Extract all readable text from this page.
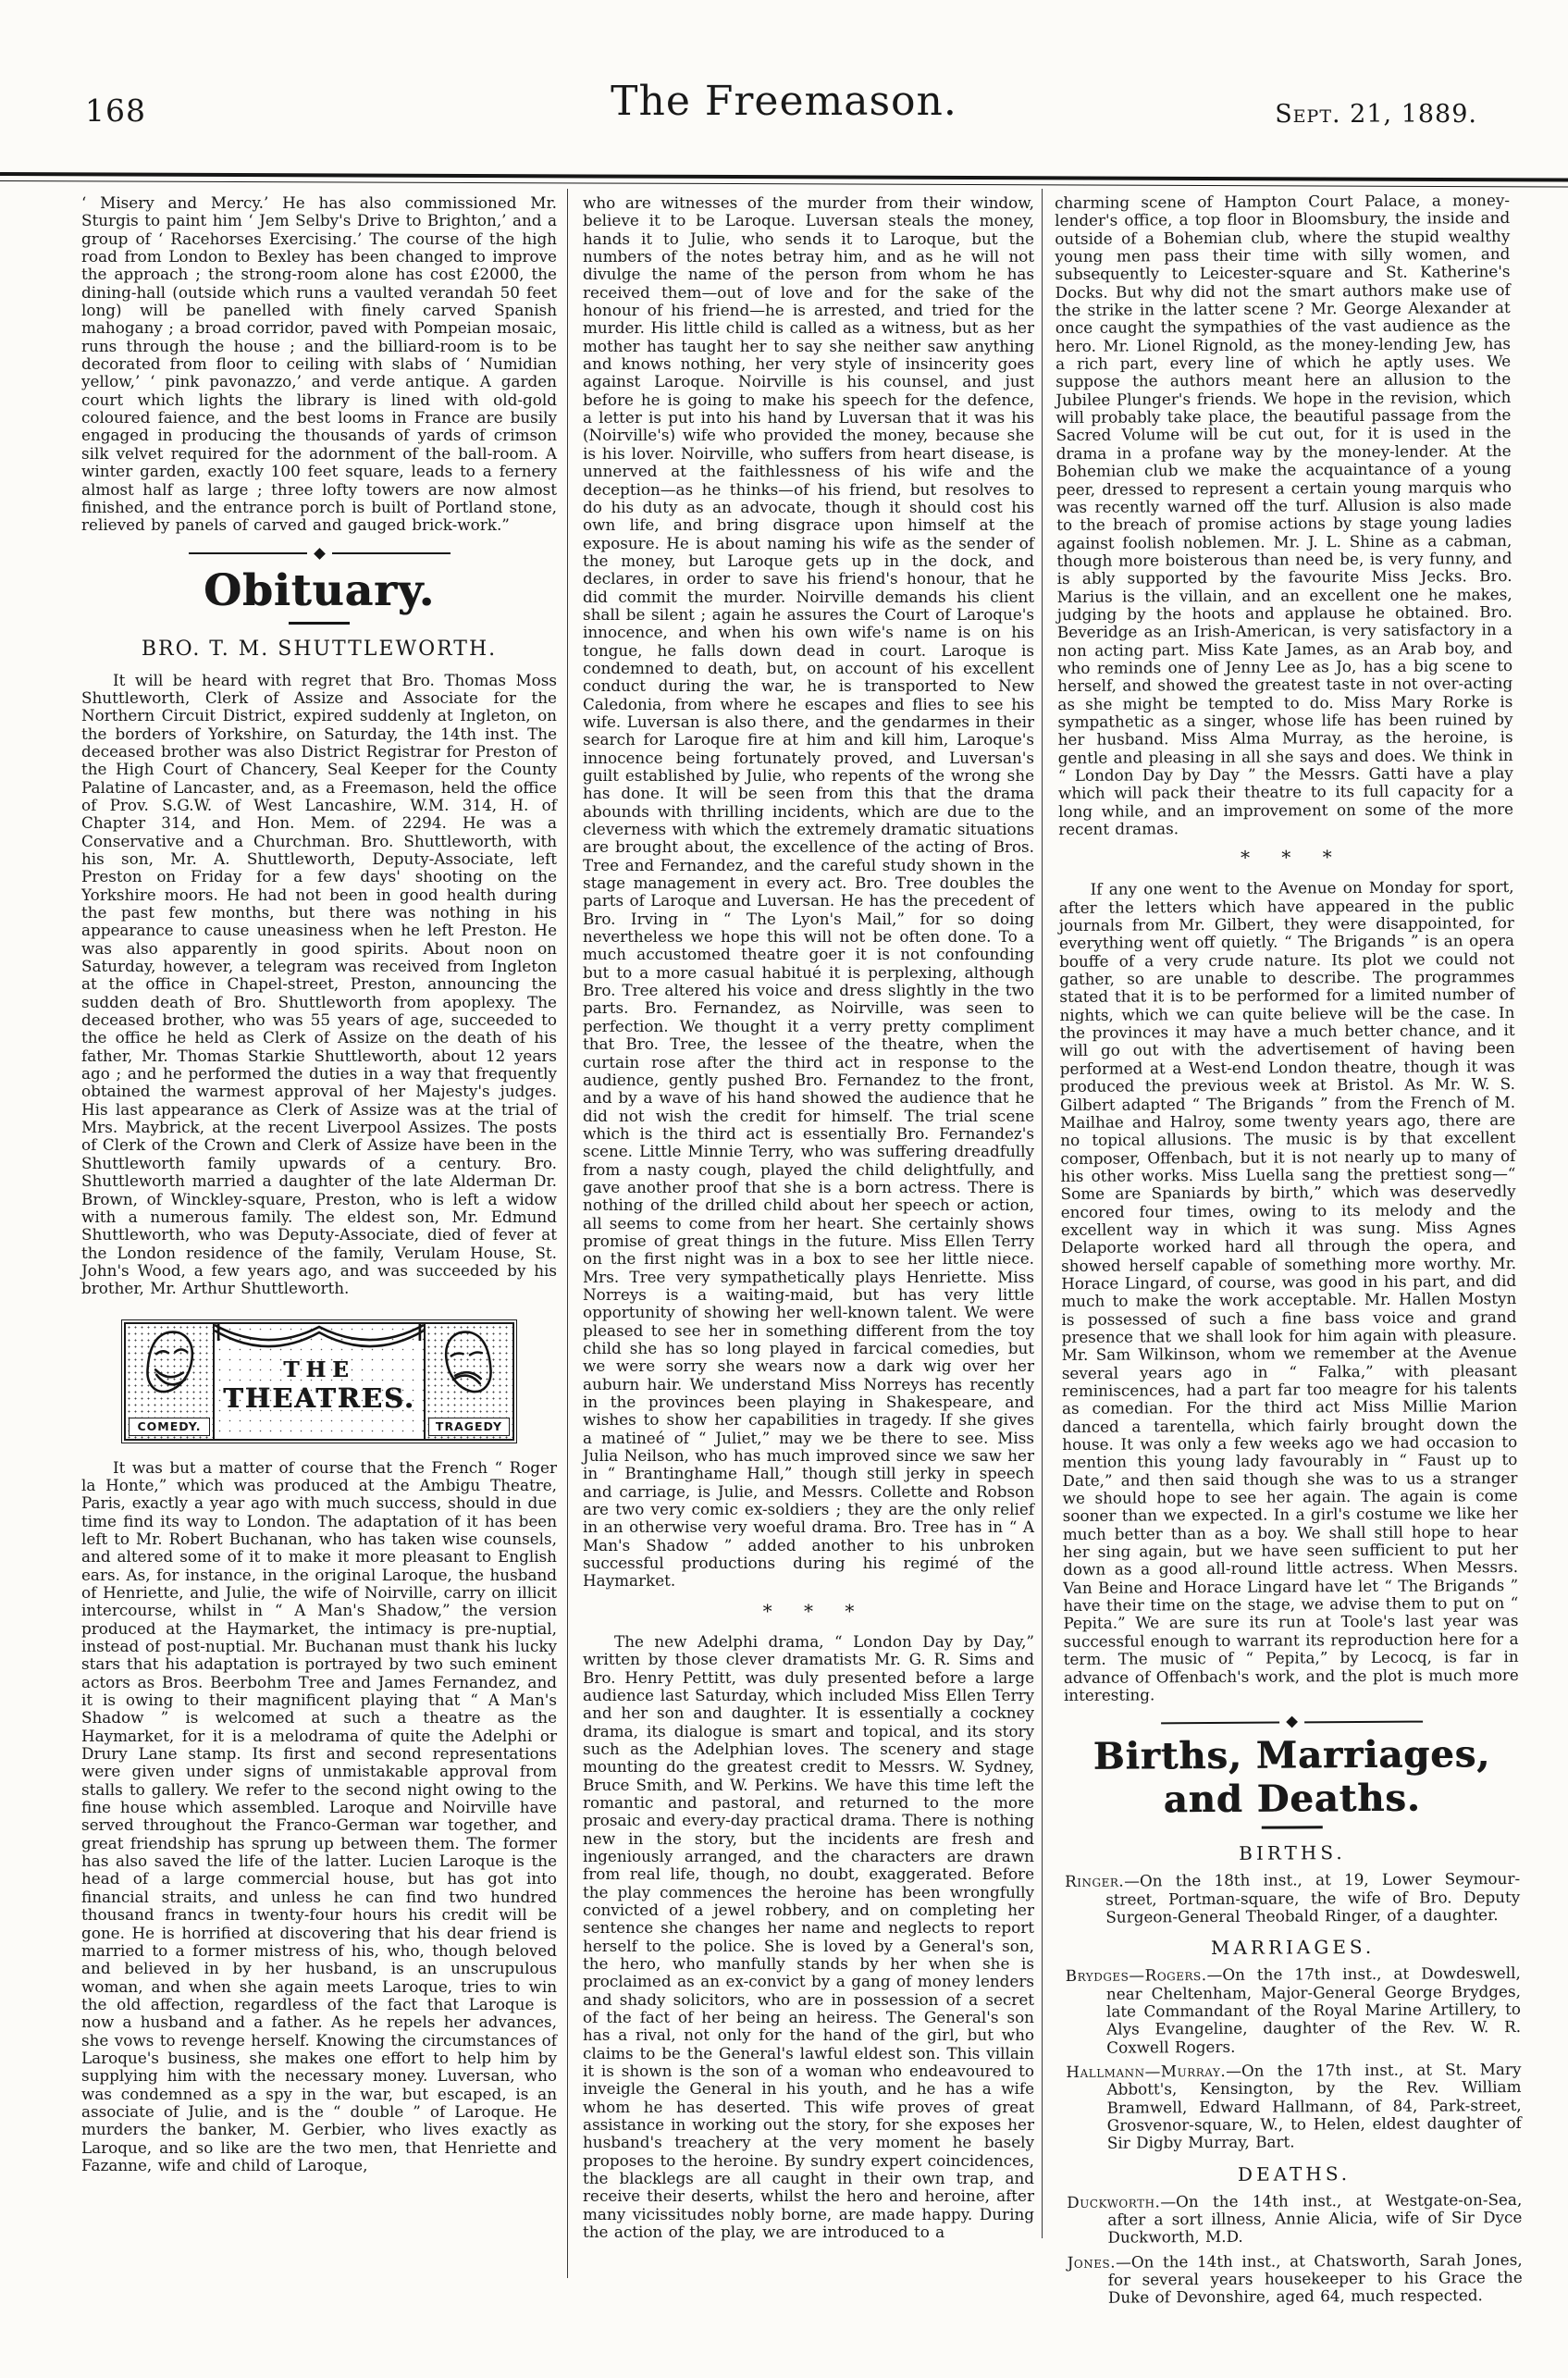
168	The Freemason.	Sept. 21, 1889.

‘ Misery and Mercy.’ He has also commissioned Mr. Sturgis to paint him ‘ Jem Selby's Drive to Brighton,’ and a group of ‘ Racehorses Exercising.’ The course of the high road from London to Bexley has been changed to improve the approach ; the strong-room alone has cost £2000, the dining-hall (outside which runs a vaulted verandah 50 feet long) will be panelled with finely carved Spanish mahogany ; a broad corridor, paved with Pompeian mosaic, runs through the house ; and the billiard-room is to be decorated from floor to ceiling with slabs of ‘ Numidian yellow,’ ‘ pink pavonazzo,’ and verde antique. A garden court which lights the library is lined with old-gold coloured faience, and the best looms in France are busily engaged in producing the thousands of yards of crimson silk velvet required for the adornment of the ball-room. A winter garden, exactly 100 feet square, leads to a fernery almost half as large ; three lofty towers are now almost finished, and the entrance porch is built of Portland stone, relieved by panels of carved and gauged brick-work.”

Obituary.
BRO. T. M. SHUTTLEWORTH.

It will be heard with regret that Bro. Thomas Moss Shuttleworth, Clerk of Assize and Associate for the Northern Circuit District, expired suddenly at Ingleton, on the borders of Yorkshire, on Saturday, the 14th inst. The deceased brother was also District Registrar for Preston of the High Court of Chancery, Seal Keeper for the County Palatine of Lancaster, and, as a Freemason, held the office of Prov. S.G.W. of West Lancashire, W.M. 314, H. of Chapter 314, and Hon. Mem. of 2294. He was a Conservative and a Churchman. Bro. Shuttleworth, with his son, Mr. A. Shuttleworth, Deputy-Associate, left Preston on Friday for a few days' shooting on the Yorkshire moors. He had not been in good health during the past few months, but there was nothing in his appearance to cause uneasiness when he left Preston. He was also apparently in good spirits. About noon on Saturday, however, a telegram was received from Ingleton at the office in Chapel-street, Preston, announcing the sudden death of Bro. Shuttleworth from apoplexy. The deceased brother, who was 55 years of age, succeeded to the office he held as Clerk of Assize on the death of his father, Mr. Thomas Starkie Shuttleworth, about 12 years ago ; and he performed the duties in a way that frequently obtained the warmest approval of her Majesty's judges. His last appearance as Clerk of Assize was at the trial of Mrs. Maybrick, at the recent Liverpool Assizes. The posts of Clerk of the Crown and Clerk of Assize have been in the Shuttleworth family upwards of a century. Bro. Shuttleworth married a daughter of the late Alderman Dr. Brown, of Winckley-square, Preston, who is left a widow with a numerous family. The eldest son, Mr. Edmund Shuttleworth, who was Deputy-Associate, died of fever at the London residence of the family, Verulam House, St. John's Wood, a few years ago, and was succeeded by his brother, Mr. Arthur Shuttleworth.

COMEDY.
THE
THEATRES.
TRAGEDY

It was but a matter of course that the French “ Roger la Honte,” which was produced at the Ambigu Theatre, Paris, exactly a year ago with much success, should in due time find its way to London. The adaptation of it has been left to Mr. Robert Buchanan, who has taken wise counsels, and altered some of it to make it more pleasant to English ears. As, for instance, in the original Laroque, the husband of Henriette, and Julie, the wife of Noirville, carry on illicit intercourse, whilst in “ A Man's Shadow,” the version produced at the Haymarket, the intimacy is pre-nuptial, instead of post-nuptial. Mr. Buchanan must thank his lucky stars that his adaptation is portrayed by two such eminent actors as Bros. Beerbohm Tree and James Fernandez, and it is owing to their magnificent playing that “ A Man's Shadow ” is welcomed at such a theatre as the Haymarket, for it is a melodrama of quite the Adelphi or Drury Lane stamp. Its first and second representations were given under signs of unmistakable approval from stalls to gallery. We refer to the second night owing to the fine house which assembled. Laroque and Noirville have served throughout the Franco-German war together, and great friendship has sprung up between them. The former has also saved the life of the latter. Lucien Laroque is the head of a large commercial house, but has got into financial straits, and unless he can find two hundred thousand francs in twenty-four hours his credit will be gone. He is horrified at discovering that his dear friend is married to a former mistress of his, who, though beloved and believed in by her husband, is an unscrupulous woman, and when she again meets Laroque, tries to win the old affection, regardless of the fact that Laroque is now a husband and a father. As he repels her advances, she vows to revenge herself. Knowing the circumstances of Laroque's business, she makes one effort to help him by supplying him with the necessary money. Luversan, who was condemned as a spy in the war, but escaped, is an associate of Julie, and is the “ double ” of Laroque. He murders the banker, M. Gerbier, who lives exactly as Laroque, and so like are the two men, that Henriette and Fazanne, wife and child of Laroque,

who are witnesses of the murder from their window, believe it to be Laroque. Luversan steals the money, hands it to Julie, who sends it to Laroque, but the numbers of the notes betray him, and as he will not divulge the name of the person from whom he has received them—out of love and for the sake of the honour of his friend—he is arrested, and tried for the murder. His little child is called as a witness, but as her mother has taught her to say she neither saw anything and knows nothing, her very style of insincerity goes against Laroque. Noirville is his counsel, and just before he is going to make his speech for the defence, a letter is put into his hand by Luversan that it was his (Noirville's) wife who provided the money, because she is his lover. Noirville, who suffers from heart disease, is unnerved at the faithlessness of his wife and the deception—as he thinks—of his friend, but resolves to do his duty as an advocate, though it should cost his own life, and bring disgrace upon himself at the exposure. He is about naming his wife as the sender of the money, but Laroque gets up in the dock, and declares, in order to save his friend's honour, that he did commit the murder. Noirville demands his client shall be silent ; again he assures the Court of Laroque's innocence, and when his own wife's name is on his tongue, he falls down dead in court. Laroque is condemned to death, but, on account of his excellent conduct during the war, he is transported to New Caledonia, from where he escapes and flies to see his wife. Luversan is also there, and the gendarmes in their search for Laroque fire at him and kill him, Laroque's innocence being fortunately proved, and Luversan's guilt established by Julie, who repents of the wrong she has done. It will be seen from this that the drama abounds with thrilling incidents, which are due to the cleverness with which the extremely dramatic situations are brought about, the excellence of the acting of Bros. Tree and Fernandez, and the careful study shown in the stage management in every act. Bro. Tree doubles the parts of Laroque and Luversan. He has the precedent of Bro. Irving in “ The Lyon's Mail,” for so doing nevertheless we hope this will not be often done. To a much accustomed theatre goer it is not confounding but to a more casual habitué it is perplexing, although Bro. Tree altered his voice and dress slightly in the two parts. Bro. Fernandez, as Noirville, was seen to perfection. We thought it a verry pretty compliment that Bro. Tree, the lessee of the theatre, when the curtain rose after the third act in response to the audience, gently pushed Bro. Fernandez to the front, and by a wave of his hand showed the audience that he did not wish the credit for himself. The trial scene which is the third act is essentially Bro. Fernandez's scene. Little Minnie Terry, who was suffering dreadfully from a nasty cough, played the child delightfully, and gave another proof that she is a born actress. There is nothing of the drilled child about her speech or action, all seems to come from her heart. She certainly shows promise of great things in the future. Miss Ellen Terry on the first night was in a box to see her little niece. Mrs. Tree very sympathetically plays Henriette. Miss Norreys is a waiting-maid, but has very little opportunity of showing her well-known talent. We were pleased to see her in something different from the toy child she has so long played in farcical comedies, but we were sorry she wears now a dark wig over her auburn hair. We understand Miss Norreys has recently in the provinces been playing in Shakespeare, and wishes to show her capabilities in tragedy. If she gives a matineé of “ Juliet,” may we be there to see. Miss Julia Neilson, who has much improved since we saw her in “ Brantinghame Hall,” though still jerky in speech and carriage, is Julie, and Messrs. Collette and Robson are two very comic ex-soldiers ; they are the only relief in an otherwise very woeful drama. Bro. Tree has in “ A Man's Shadow ” added another to his unbroken successful productions during his regimé of the Haymarket.

* * *

The new Adelphi drama, “ London Day by Day,” written by those clever dramatists Mr. G. R. Sims and Bro. Henry Pettitt, was duly presented before a large audience last Saturday, which included Miss Ellen Terry and her son and daughter. It is essentially a cockney drama, its dialogue is smart and topical, and its story such as the Adelphian loves. The scenery and stage mounting do the greatest credit to Messrs. W. Sydney, Bruce Smith, and W. Perkins. We have this time left the romantic and pastoral, and returned to the more prosaic and every-day practical drama. There is nothing new in the story, but the incidents are fresh and ingeniously arranged, and the characters are drawn from real life, though, no doubt, exaggerated. Before the play commences the heroine has been wrongfully convicted of a jewel robbery, and on completing her sentence she changes her name and neglects to report herself to the police. She is loved by a General's son, the hero, who manfully stands by her when she is proclaimed as an ex-convict by a gang of money lenders and shady solicitors, who are in possession of a secret of the fact of her being an heiress. The General's son has a rival, not only for the hand of the girl, but who claims to be the General's lawful eldest son. This villain it is shown is the son of a woman who endeavoured to inveigle the General in his youth, and he has a wife whom he has deserted. This wife proves of great assistance in working out the story, for she exposes her husband's treachery at the very moment he basely proposes to the heroine. By sundry expert coincidences, the blacklegs are all caught in their own trap, and receive their deserts, whilst the hero and heroine, after many vicissitudes nobly borne, are made happy. During the action of the play, we are introduced to a

charming scene of Hampton Court Palace, a money-lender's office, a top floor in Bloomsbury, the inside and outside of a Bohemian club, where the stupid wealthy young men pass their time with silly women, and subsequently to Leicester-square and St. Katherine's Docks. But why did not the smart authors make use of the strike in the latter scene ? Mr. George Alexander at once caught the sympathies of the vast audience as the hero. Mr. Lionel Rignold, as the money-lending Jew, has a rich part, every line of which he aptly uses. We suppose the authors meant here an allusion to the Jubilee Plunger's friends. We hope in the revision, which will probably take place, the beautiful passage from the Sacred Volume will be cut out, for it is used in the drama in a profane way by the money-lender. At the Bohemian club we make the acquaintance of a young peer, dressed to represent a certain young marquis who was recently warned off the turf. Allusion is also made to the breach of promise actions by stage young ladies against foolish noblemen. Mr. J. L. Shine as a cabman, though more boisterous than need be, is very funny, and is ably supported by the favourite Miss Jecks. Bro. Marius is the villain, and an excellent one he makes, judging by the hoots and applause he obtained. Bro. Beveridge as an Irish-American, is very satisfactory in a non acting part. Miss Kate James, as an Arab boy, and who reminds one of Jenny Lee as Jo, has a big scene to herself, and showed the greatest taste in not over-acting as she might be tempted to do. Miss Mary Rorke is sympathetic as a singer, whose life has been ruined by her husband. Miss Alma Murray, as the heroine, is gentle and pleasing in all she says and does. We think in “ London Day by Day ” the Messrs. Gatti have a play which will pack their theatre to its full capacity for a long while, and an improvement on some of the more recent dramas.

* * *

If any one went to the Avenue on Monday for sport, after the letters which have appeared in the public journals from Mr. Gilbert, they were disappointed, for everything went off quietly. “ The Brigands ” is an opera bouffe of a very crude nature. Its plot we could not gather, so are unable to describe. The programmes stated that it is to be performed for a limited number of nights, which we can quite believe will be the case. In the provinces it may have a much better chance, and it will go out with the advertisement of having been performed at a West-end London theatre, though it was produced the previous week at Bristol. As Mr. W. S. Gilbert adapted “ The Brigands ” from the French of M. Mailhae and Halroy, some twenty years ago, there are no topical allusions. The music is by that excellent composer, Offenbach, but it is not nearly up to many of his other works. Miss Luella sang the prettiest song—“ Some are Spaniards by birth,” which was deservedly encored four times, owing to its melody and the excellent way in which it was sung. Miss Agnes Delaporte worked hard all through the opera, and showed herself capable of something more worthy. Mr. Horace Lingard, of course, was good in his part, and did much to make the work acceptable. Mr. Hallen Mostyn is possessed of such a fine bass voice and grand presence that we shall look for him again with pleasure. Mr. Sam Wilkinson, whom we remember at the Avenue several years ago in “ Falka,” with pleasant reminiscences, had a part far too meagre for his talents as comedian. For the third act Miss Millie Marion danced a tarentella, which fairly brought down the house. It was only a few weeks ago we had occasion to mention this young lady favourably in “ Faust up to Date,” and then said though she was to us a stranger we should hope to see her again. The again is come sooner than we expected. In a girl's costume we like her much better than as a boy. We shall still hope to hear her sing again, but we have seen sufficient to put her down as a good all-round little actress. When Messrs. Van Beine and Horace Lingard have let “ The Brigands ” have their time on the stage, we advise them to put on “ Pepita.” We are sure its run at Toole's last year was successful enough to warrant its reproduction here for a term. The music of “ Pepita,” by Lecocq, is far in advance of Offenbach's work, and the plot is much more interesting.

Births, Marriages, and Deaths.
BIRTHS.

Ringer.—On the 18th inst., at 19, Lower Seymour-street, Portman-square, the wife of Bro. Deputy Surgeon-General Theobald Ringer, of a daughter.

MARRIAGES.

Brydges—Rogers.—On the 17th inst., at Dowdeswell, near Cheltenham, Major-General George Brydges, late Commandant of the Royal Marine Artillery, to Alys Evangeline, daughter of the Rev. W. R. Coxwell Rogers.

Hallmann—Murray.—On the 17th inst., at St. Mary Abbott's, Kensington, by the Rev. William Bramwell, Edward Hallmann, of 84, Park-street, Grosvenor-square, W., to Helen, eldest daughter of Sir Digby Murray, Bart.

DEATHS.

Duckworth.—On the 14th inst., at Westgate-on-Sea, after a sort illness, Annie Alicia, wife of Sir Dyce Duckworth, M.D.

Jones.—On the 14th inst., at Chatsworth, Sarah Jones, for several years housekeeper to his Grace the Duke of Devonshire, aged 64, much respected.
